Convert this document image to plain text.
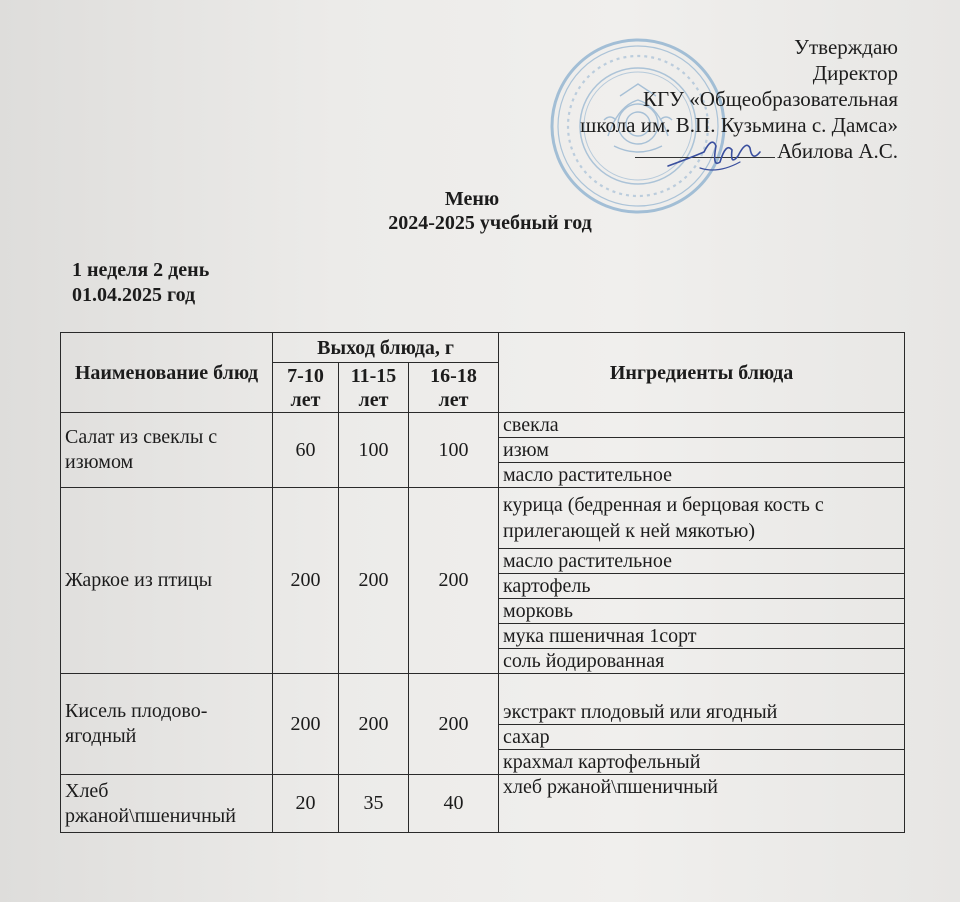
Утверждаю
Директор
КГУ «Общеобразовательная
школа им. В.П. Кузьмина с. Дамса»
Абилова А.С.
Меню
2024-2025 учебный год
1 неделя 2 день
01.04.2025 год
Наименование блюд	Выход блюда, г			Ингредиенты блюда
	7-10 лет	11-15 лет	16-18 лет	
Салат из свеклы с изюмом	60	100	100	свекла
				изюм
				масло растительное
Жаркое из птицы	200	200	200	курица (бедренная и берцовая кость с прилегающей к ней мякотью)
				масло растительное
				картофель
				морковь
				мука пшеничная 1сорт
				соль йодированная
Кисель плодово-ягодный	200	200	200	экстракт плодовый или ягодный
				сахар
				крахмал картофельный
Хлеб ржаной\пшеничный	20	35	40	хлеб ржаной\пшеничный
